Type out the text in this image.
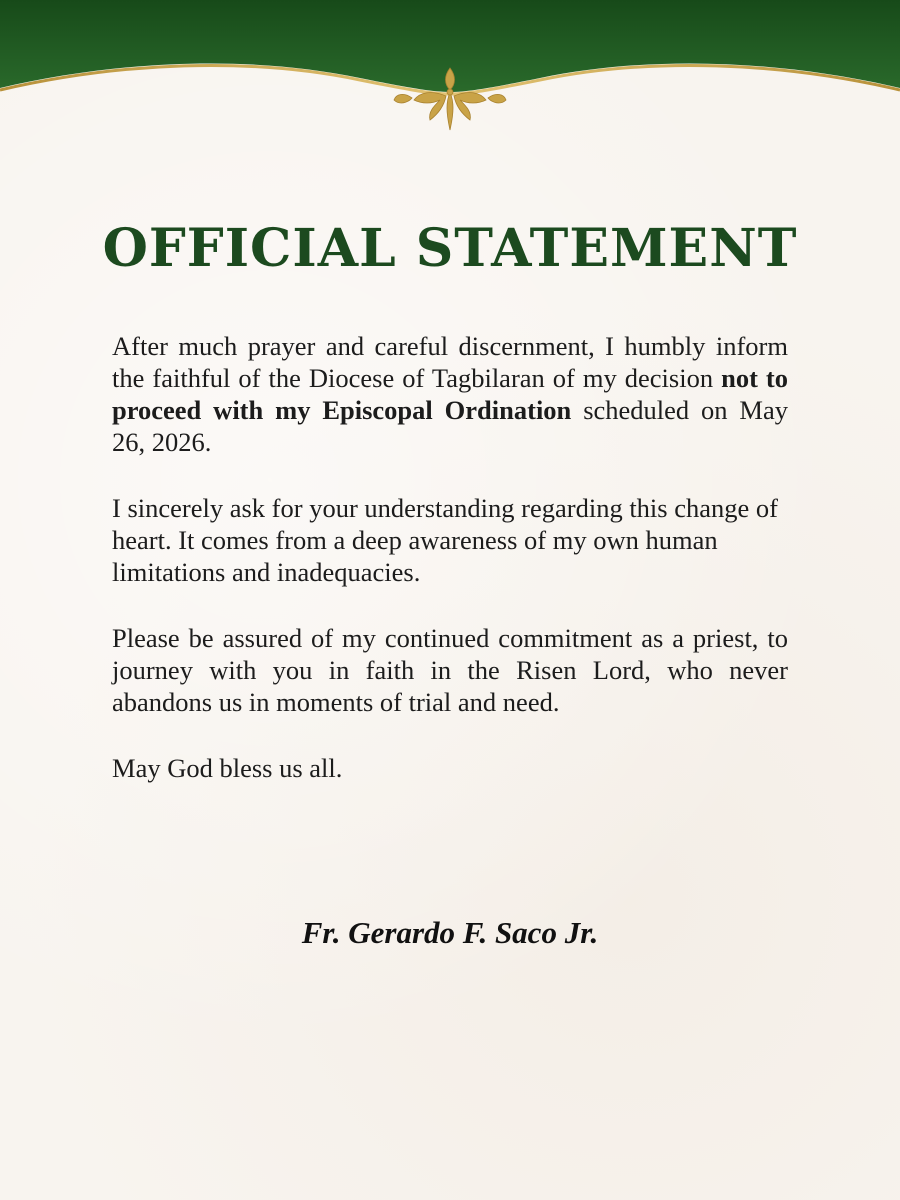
OFFICIAL STATEMENT

After much prayer and careful discernment, I humbly inform the faithful of the Diocese of Tagbilaran of my decision not to proceed with my Episcopal Ordination scheduled on May 26, 2026.

I sincerely ask for your understanding regarding this change of heart. It comes from a deep awareness of my own human limitations and inadequacies.

Please be assured of my continued commitment as a priest, to journey with you in faith in the Risen Lord, who never abandons us in moments of trial and need.

May God bless us all.

Fr. Gerardo F. Saco Jr.
